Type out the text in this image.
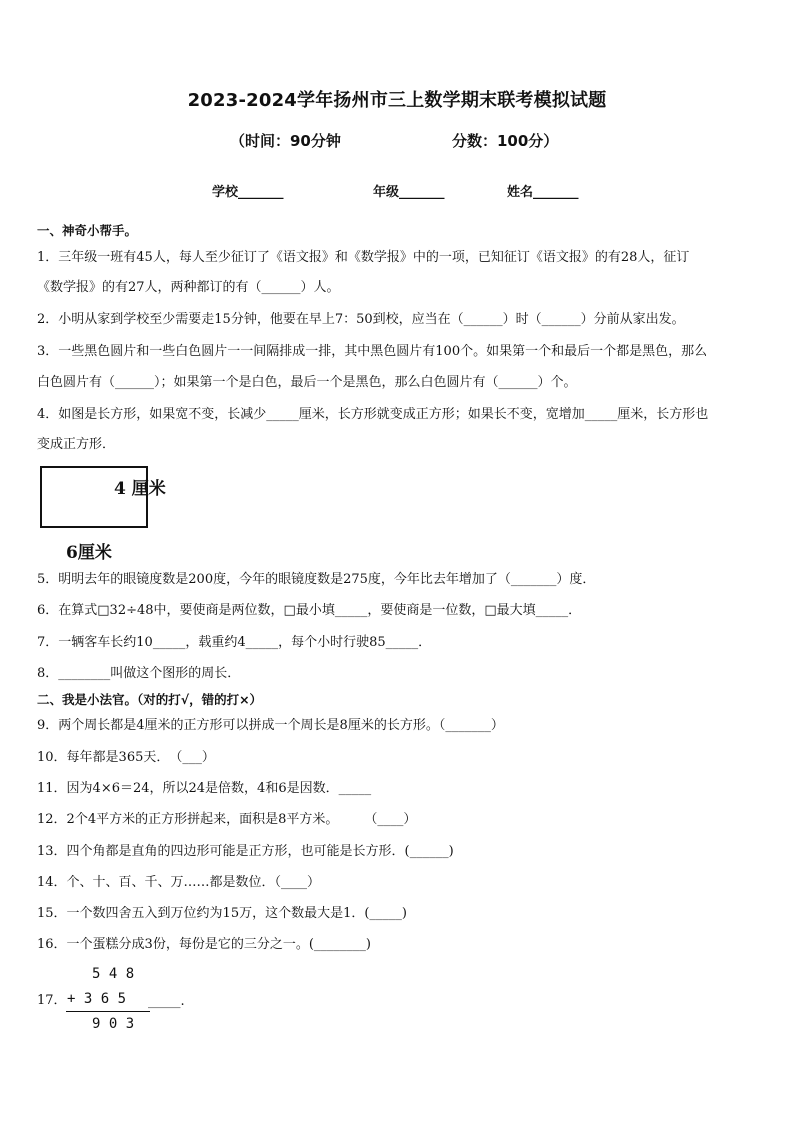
2023-2024学年扬州市三上数学期末联考模拟试题
（时间：90分钟	分数：100分）
学校_______	年级_______	姓名_______
一、神奇小帮手。
1．三年级一班有45人，每人至少征订了《语文报》和《数学报》中的一项，已知征订《语文报》的有28人，征订
《数学报》的有27人，两种都订的有（______）人。
2．小明从家到学校至少需要走15分钟，他要在早上7：50到校，应当在（______）时（______）分前从家出发。
3．一些黑色圆片和一些白色圆片一一间隔排成一排，其中黑色圆片有100个。如果第一个和最后一个都是黑色，那么
白色圆片有（______）；如果第一个是白色，最后一个是黑色，那么白色圆片有（______）个。
4．如图是长方形，如果宽不变，长减少_____厘米，长方形就变成正方形；如果长不变，宽增加_____厘米，长方形也
变成正方形．
4 厘米
6厘米
5．明明去年的眼镜度数是200度，今年的眼镜度数是275度，今年比去年增加了（_______）度．
6．在算式□32÷48中，要使商是两位数，□最小填_____，要使商是一位数，□最大填_____．
7．一辆客车长约10_____，载重约4_____，每个小时行驶85_____．
8．________叫做这个图形的周长．
二、我是小法官。（对的打√，错的打×）
9．两个周长都是4厘米的正方形可以拼成一个周长是8厘米的长方形。（_______）
10．每年都是365天．　（___）
11．因为4×6＝24，所以24是倍数，4和6是因数．_____
12．2个4平方米的正方形拼起来，面积是8平方米。　　　（____）
13．四个角都是直角的四边形可能是正方形，也可能是长方形．(______)
14．个、十、百、千、万……都是数位．（____）
15．一个数四舍五入到万位约为15万，这个数最大是1．(_____)
16．一个蛋糕分成3份，每份是它的三分之一。(________)
17．
5 4 8
+ 3 6 5 _____.
9 0 3
